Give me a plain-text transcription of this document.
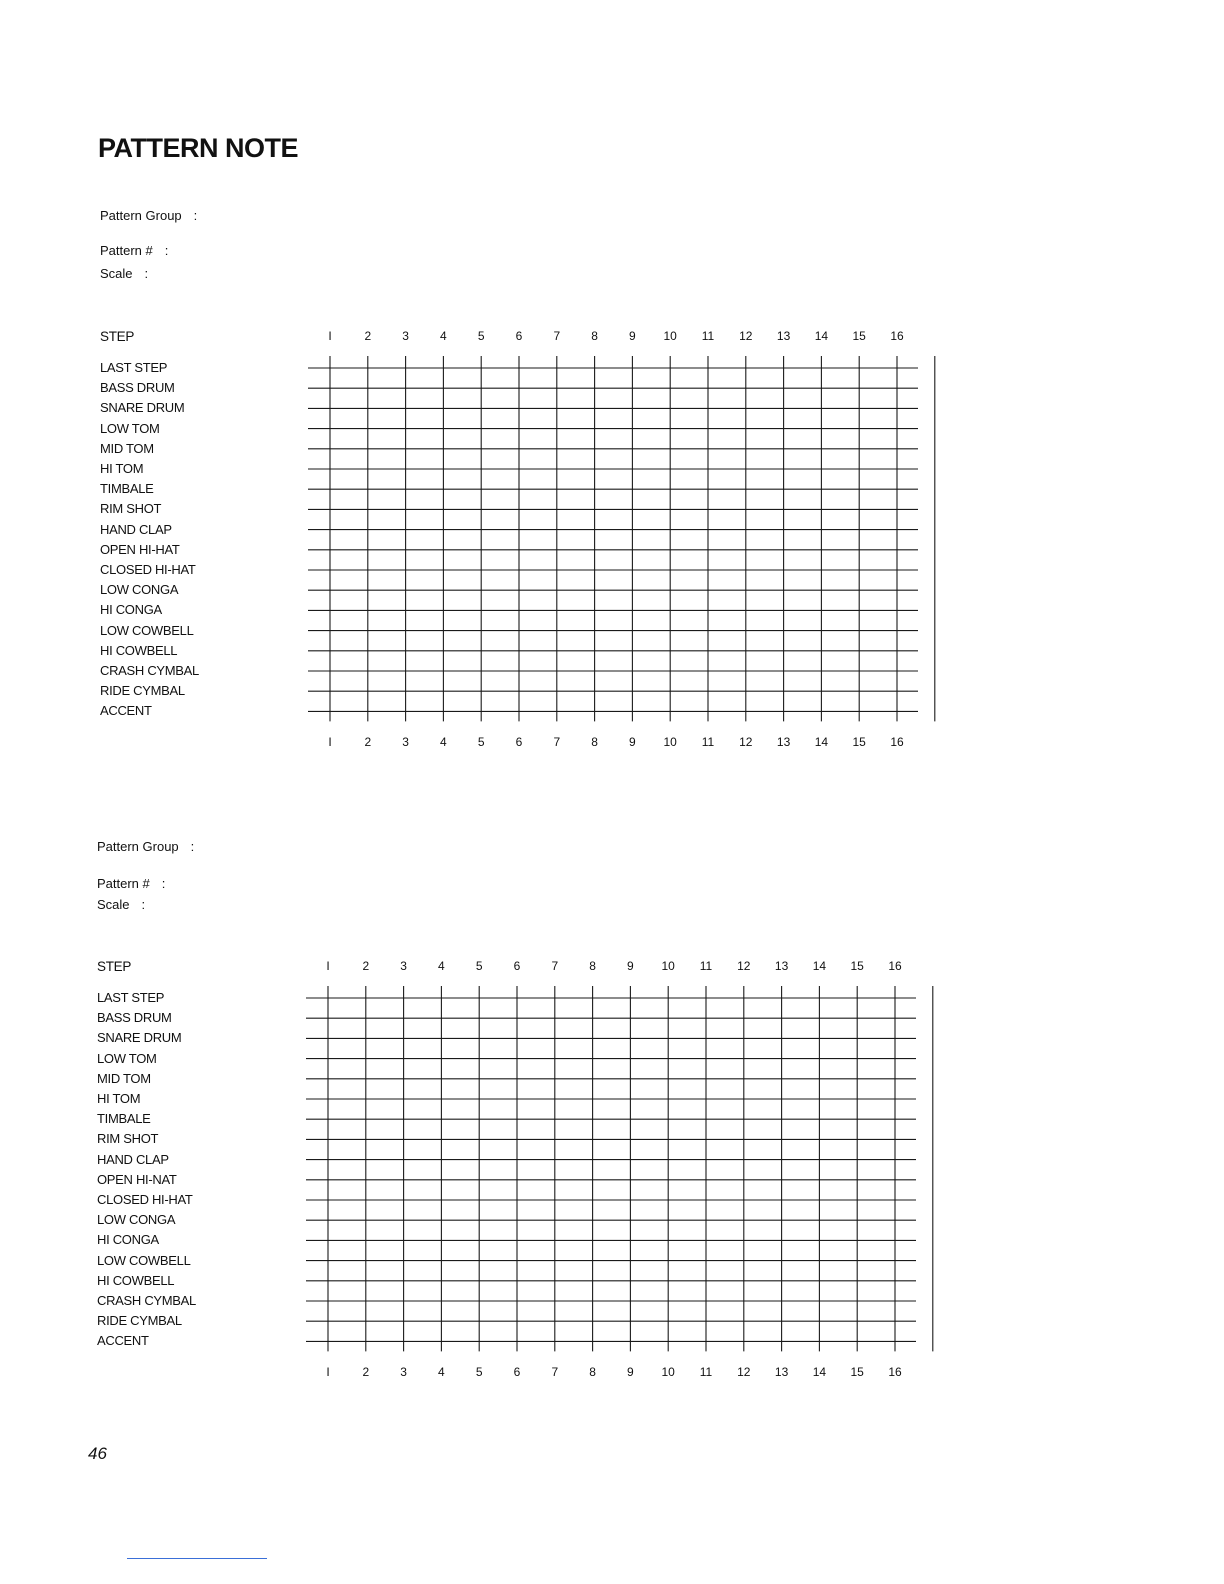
PATTERN NOTE
Pattern Group :
Pattern # :
Scale :
STEP
LAST STEP
BASS DRUM
SNARE DRUM
LOW TOM
MID TOM
HI TOM
TIMBALE
RIM SHOT
HAND CLAP
OPEN HI-HAT
CLOSED HI-HAT
LOW CONGA
HI CONGA
LOW COWBELL
HI COWBELL
CRASH CYMBAL
RIDE CYMBAL
ACCENT
I	2	3	4	5	6	7	8	9 10 11 12 13 14 15 16
I	2	3	4	5	6	7	8	9 10 11 12 13 14 15 16
Pattern Group :
Pattern # :
Scale :
STEP
LAST STEP
BASS DRUM
SNARE DRUM
LOW TOM
MID TOM
HI TOM
TIMBALE
RIM SHOT
HAND CLAP
OPEN HI-NAT
CLOSED HI-HAT
LOW CONGA
HI CONGA
LOW COWBELL
HI COWBELL
CRASH CYMBAL
RIDE CYMBAL
ACCENT
I	2	3	4	5	6	7	8	9 10 11 12 13 14 15 16
I	2	3	4	5	6	7	8	9 10 11 12 13 14 15 16
46
